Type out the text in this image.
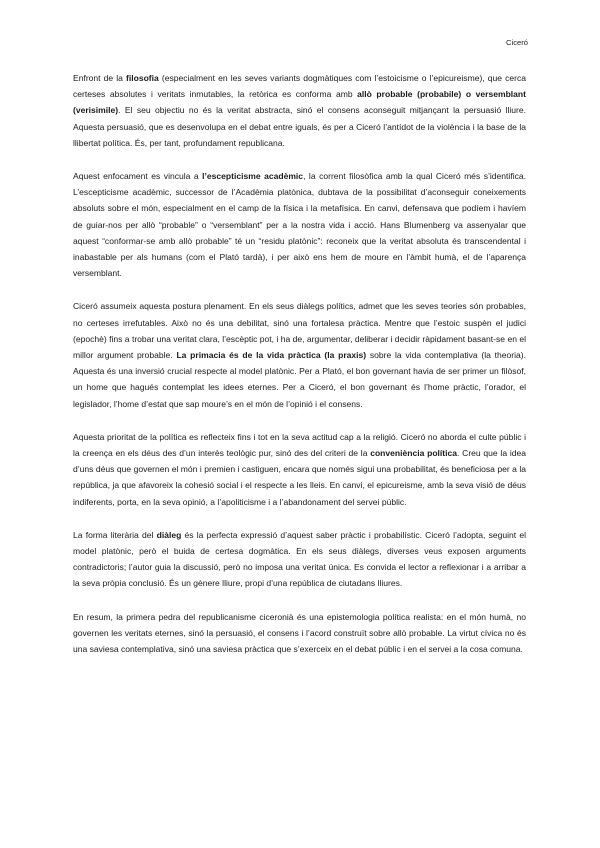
Ciceró

Enfront de la filosofia (especialment en les seves variants dogmàtiques com l’estoicisme o l’epicureisme), que cerca certeses absolutes i veritats inmutables, la retòrica es conforma amb allò probable (probabile) o versemblant (verisimile). El seu objectiu no és la veritat abstracta, sinó el consens aconseguit mitjançant la persuasió lliure. Aquesta persuasió, que es desenvolupa en el debat entre iguals, és per a Ciceró l’antídot de la violència i la base de la llibertat política. És, per tant, profundament republicana.

Aquest enfocament es vincula a l’escepticisme acadèmic, la corrent filosòfica amb la qual Ciceró més s’identifica. L’escepticisme acadèmic, successor de l’Acadèmia platònica, dubtava de la possibilitat d’aconseguir coneixements absoluts sobre el món, especialment en el camp de la física i la metafísica. En canvi, defensava que podíem i havíem de guiar-nos per allò “probable” o “versemblant” per a la nostra vida i acció. Hans Blumenberg va assenyalar que aquest “conformar-se amb allò probable” té un “residu platònic”: reconeix que la veritat absoluta és transcendental i inabastable per als humans (com el Plató tardà), i per això ens hem de moure en l’àmbit humà, el de l’aparença versemblant.

Ciceró assumeix aquesta postura plenament. En els seus diàlegs polítics, admet que les seves teories són probables, no certeses irrefutables. Això no és una debilitat, sinó una fortalesa pràctica. Mentre que l’estoic suspèn el judici (epochè) fins a trobar una veritat clara, l’escèptic pot, i ha de, argumentar, deliberar i decidir ràpidament basant-se en el millor argument probable. La primacia és de la vida pràctica (la praxis) sobre la vida contemplativa (la theoria). Aquesta és una inversió crucial respecte al model platònic. Per a Plató, el bon governant havia de ser primer un filòsof, un home que hagués contemplat les idees eternes. Per a Ciceró, el bon governant és l’home pràctic, l’orador, el legislador, l’home d’estat que sap moure’s en el món de l’opinió i el consens.

Aquesta prioritat de la política es reflecteix fins i tot en la seva actitud cap a la religió. Ciceró no aborda el culte públic i la creença en els déus des d’un interès teològic pur, sinó des del criteri de la conveniència política. Creu que la idea d’uns déus que governen el món i premien i castiguen, encara que només sigui una probabilitat, és beneficiosa per a la república, ja que afavoreix la cohesió social i el respecte a les lleis. En canvi, el epicureisme, amb la seva visió de déus indiferents, porta, en la seva opinió, a l’apoliticisme i a l’abandonament del servei públic.

La forma literària del diàleg és la perfecta expressió d’aquest saber pràctic i probabilístic. Ciceró l’adopta, seguint el model platònic, però el buida de certesa dogmàtica. En els seus diàlegs, diverses veus exposen arguments contradictoris; l’autor guia la discussió, però no imposa una veritat única. Es convida el lector a reflexionar i a arribar a la seva pròpia conclusió. És un gènere lliure, propi d’una república de ciutadans lliures.

En resum, la primera pedra del republicanisme ciceronià és una epistemologia política realista: en el món humà, no governen les veritats eternes, sinó la persuasió, el consens i l’acord construït sobre allò probable. La virtut cívica no és una saviesa contemplativa, sinó una saviesa pràctica que s’exerceix en el debat públic i en el servei a la cosa comuna.
